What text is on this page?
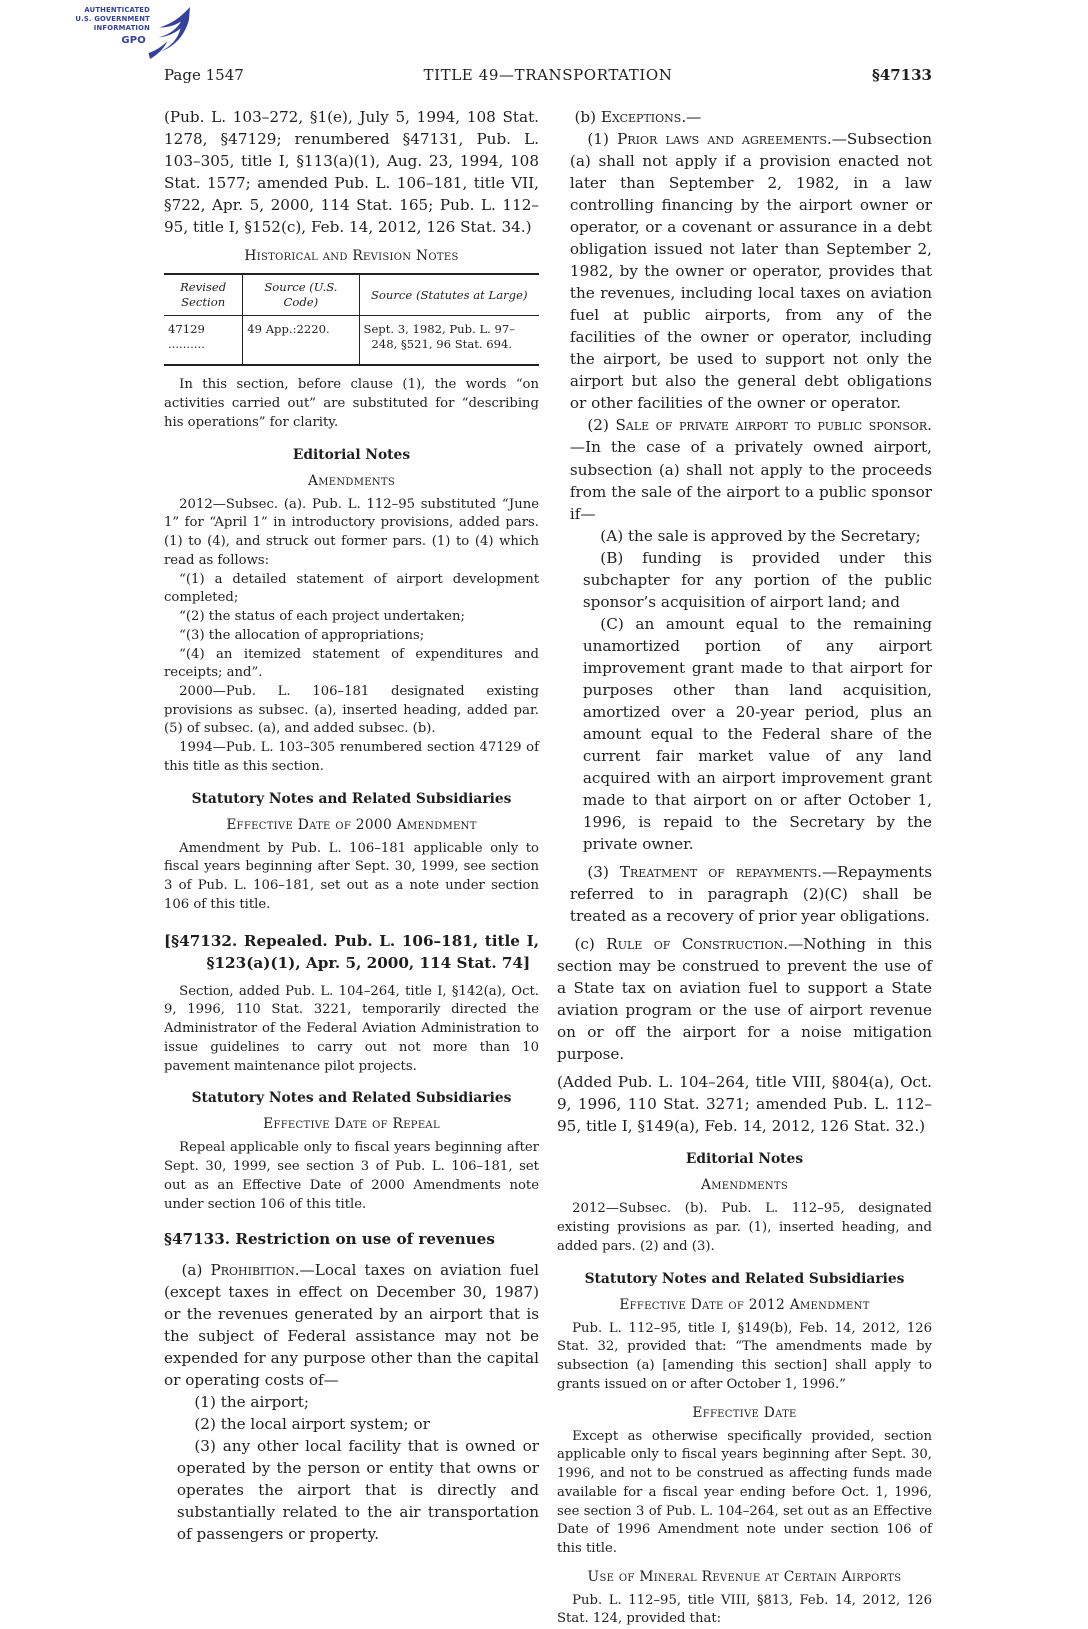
AUTHENTICATED
U.S. GOVERNMENT
INFORMATION
GPO
Page 1547	TITLE 49—TRANSPORTATION	§47133
(Pub. L. 103–272, §1(e), July 5, 1994, 108 Stat. 1278, §47129; renumbered §47131, Pub. L. 103–305, title I, §113(a)(1), Aug. 23, 1994, 108 Stat. 1577; amended Pub. L. 106–181, title VII, §722, Apr. 5, 2000, 114 Stat. 165; Pub. L. 112–95, title I, §152(c), Feb. 14, 2012, 126 Stat. 34.)
Historical and Revision Notes
Revised Section	Source (U.S. Code)	Source (Statutes at Large)
47129 ..........	49 App.:2220.	Sept. 3, 1982, Pub. L. 97–248, §521, 96 Stat. 694.
In this section, before clause (1), the words “on activities carried out” are substituted for “describing his operations” for clarity.
Editorial Notes
Amendments
2012—Subsec. (a). Pub. L. 112–95 substituted “June 1” for “April 1” in introductory provisions, added pars. (1) to (4), and struck out former pars. (1) to (4) which read as follows:
“(1) a detailed statement of airport development completed;
“(2) the status of each project undertaken;
“(3) the allocation of appropriations;
“(4) an itemized statement of expenditures and receipts; and”.
2000—Pub. L. 106–181 designated existing provisions as subsec. (a), inserted heading, added par. (5) of subsec. (a), and added subsec. (b).
1994—Pub. L. 103–305 renumbered section 47129 of this title as this section.
Statutory Notes and Related Subsidiaries
Effective Date of 2000 Amendment
Amendment by Pub. L. 106–181 applicable only to fiscal years beginning after Sept. 30, 1999, see section 3 of Pub. L. 106–181, set out as a note under section 106 of this title.
[§47132. Repealed. Pub. L. 106–181, title I, §123(a)(1), Apr. 5, 2000, 114 Stat. 74]
Section, added Pub. L. 104–264, title I, §142(a), Oct. 9, 1996, 110 Stat. 3221, temporarily directed the Administrator of the Federal Aviation Administration to issue guidelines to carry out not more than 10 pavement maintenance pilot projects.
Statutory Notes and Related Subsidiaries
Effective Date of Repeal
Repeal applicable only to fiscal years beginning after Sept. 30, 1999, see section 3 of Pub. L. 106–181, set out as an Effective Date of 2000 Amendments note under section 106 of this title.
§47133. Restriction on use of revenues
(a) Prohibition.—Local taxes on aviation fuel (except taxes in effect on December 30, 1987) or the revenues generated by an airport that is the subject of Federal assistance may not be expended for any purpose other than the capital or operating costs of—
(1) the airport;
(2) the local airport system; or
(3) any other local facility that is owned or operated by the person or entity that owns or operates the airport that is directly and substantially related to the air transportation of passengers or property.
(b) Exceptions.—
(1) Prior laws and agreements.—Subsection (a) shall not apply if a provision enacted not later than September 2, 1982, in a law controlling financing by the airport owner or operator, or a covenant or assurance in a debt obligation issued not later than September 2, 1982, by the owner or operator, provides that the revenues, including local taxes on aviation fuel at public airports, from any of the facilities of the owner or operator, including the airport, be used to support not only the airport but also the general debt obligations or other facilities of the owner or operator.
(2) Sale of private airport to public sponsor.—In the case of a privately owned airport, subsection (a) shall not apply to the proceeds from the sale of the airport to a public sponsor if—
(A) the sale is approved by the Secretary;
(B) funding is provided under this subchapter for any portion of the public sponsor’s acquisition of airport land; and
(C) an amount equal to the remaining unamortized portion of any airport improvement grant made to that airport for purposes other than land acquisition, amortized over a 20-year period, plus an amount equal to the Federal share of the current fair market value of any land acquired with an airport improvement grant made to that airport on or after October 1, 1996, is repaid to the Secretary by the private owner.
(3) Treatment of repayments.—Repayments referred to in paragraph (2)(C) shall be treated as a recovery of prior year obligations.
(c) Rule of Construction.—Nothing in this section may be construed to prevent the use of a State tax on aviation fuel to support a State aviation program or the use of airport revenue on or off the airport for a noise mitigation purpose.
(Added Pub. L. 104–264, title VIII, §804(a), Oct. 9, 1996, 110 Stat. 3271; amended Pub. L. 112–95, title I, §149(a), Feb. 14, 2012, 126 Stat. 32.)
Editorial Notes
Amendments
2012—Subsec. (b). Pub. L. 112–95, designated existing provisions as par. (1), inserted heading, and added pars. (2) and (3).
Statutory Notes and Related Subsidiaries
Effective Date of 2012 Amendment
Pub. L. 112–95, title I, §149(b), Feb. 14, 2012, 126 Stat. 32, provided that: “The amendments made by subsection (a) [amending this section] shall apply to grants issued on or after October 1, 1996.”
Effective Date
Except as otherwise specifically provided, section applicable only to fiscal years beginning after Sept. 30, 1996, and not to be construed as affecting funds made available for a fiscal year ending before Oct. 1, 1996, see section 3 of Pub. L. 104–264, set out as an Effective Date of 1996 Amendment note under section 106 of this title.
Use of Mineral Revenue at Certain Airports
Pub. L. 112–95, title VIII, §813, Feb. 14, 2012, 126 Stat. 124, provided that:
